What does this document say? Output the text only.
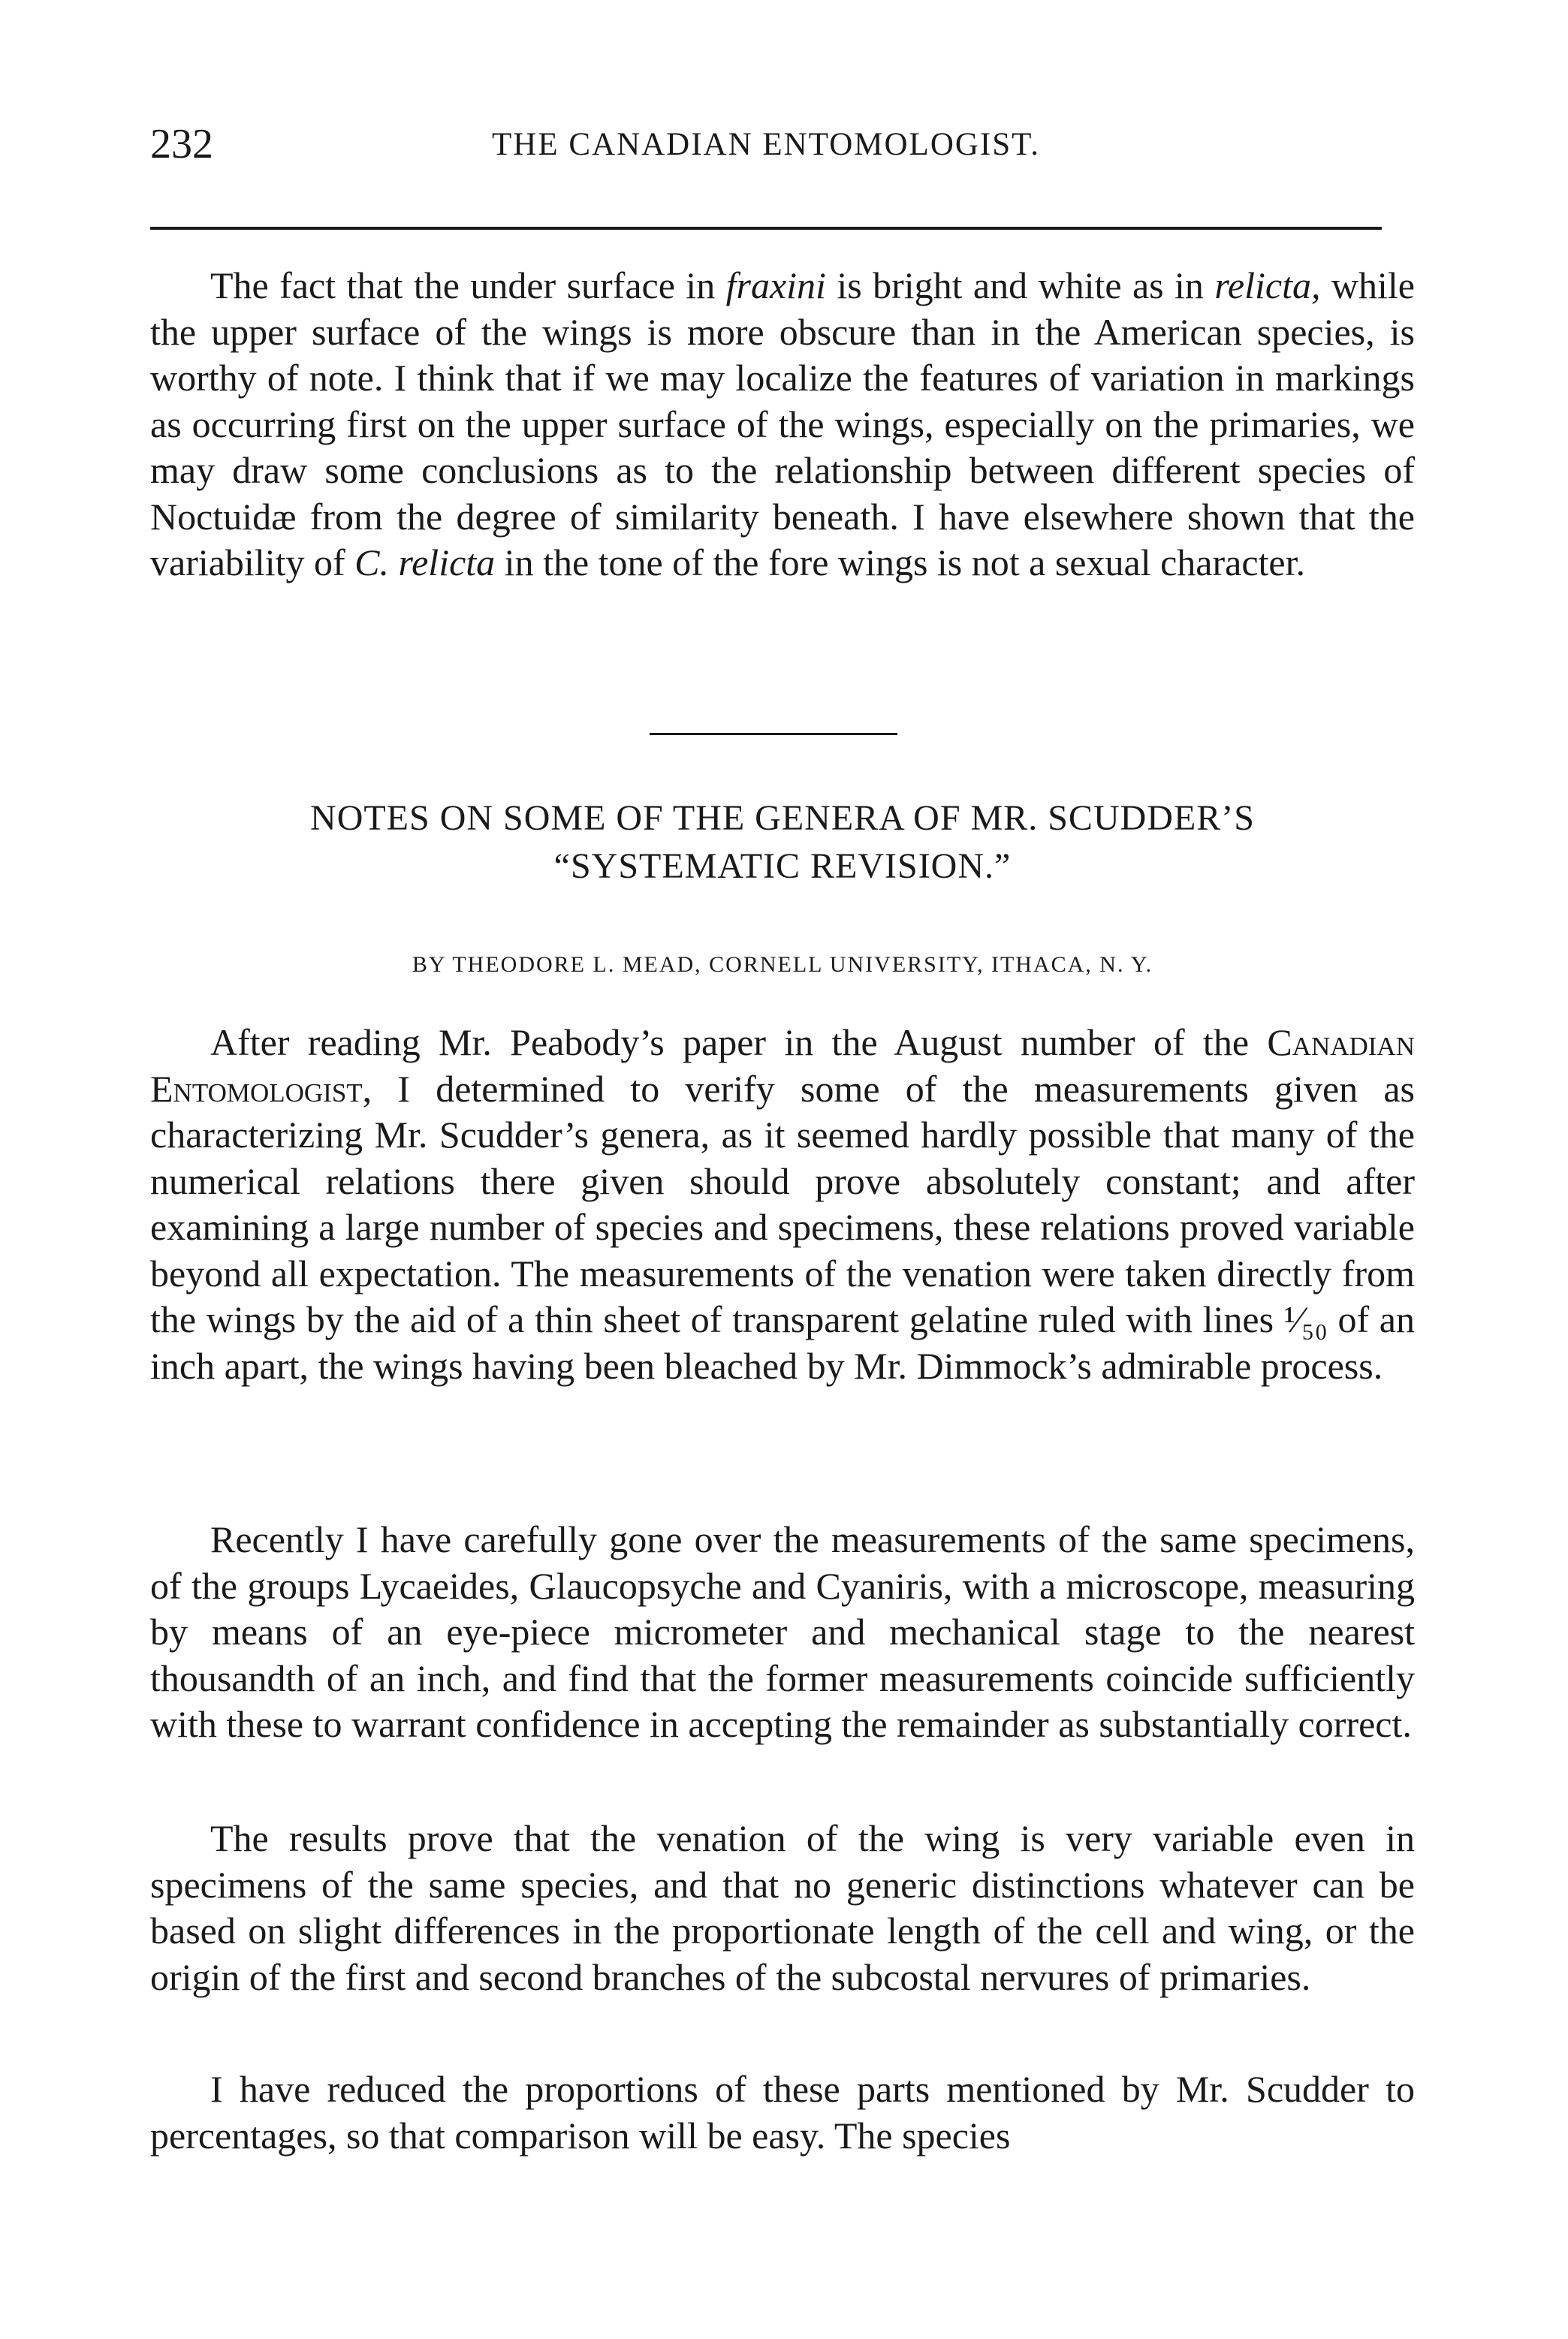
232	THE CANADIAN ENTOMOLOGIST.

The fact that the under surface in fraxini is bright and white as in relicta, while the upper surface of the wings is more obscure than in the American species, is worthy of note. I think that if we may localize the features of variation in markings as occurring first on the upper surface of the wings, especially on the primaries, we may draw some conclusions as to the relationship between different species of Noctuidæ from the degree of similarity beneath. I have elsewhere shown that the variability of C. relicta in the tone of the fore wings is not a sexual character.

NOTES ON SOME OF THE GENERA OF MR. SCUDDER’S
“SYSTEMATIC REVISION.”
BY THEODORE L. MEAD, CORNELL UNIVERSITY, ITHACA, N. Y.

After reading Mr. Peabody’s paper in the August number of the Canadian Entomologist, I determined to verify some of the measurements given as characterizing Mr. Scudder’s genera, as it seemed hardly possible that many of the numerical relations there given should prove absolutely constant; and after examining a large number of species and specimens, these relations proved variable beyond all expectation. The measurements of the venation were taken directly from the wings by the aid of a thin sheet of transparent gelatine ruled with lines ¹⁄₅₀ of an inch apart, the wings having been bleached by Mr. Dimmock’s admirable process.

Recently I have carefully gone over the measurements of the same specimens, of the groups Lycaeides, Glaucopsyche and Cyaniris, with a microscope, measuring by means of an eye-piece micrometer and mechanical stage to the nearest thousandth of an inch, and find that the former measurements coincide sufficiently with these to warrant confidence in accepting the remainder as substantially correct.

The results prove that the venation of the wing is very variable even in specimens of the same species, and that no generic distinctions whatever can be based on slight differences in the proportionate length of the cell and wing, or the origin of the first and second branches of the subcostal nervures of primaries.

I have reduced the proportions of these parts mentioned by Mr. Scudder to percentages, so that comparison will be easy. The species
